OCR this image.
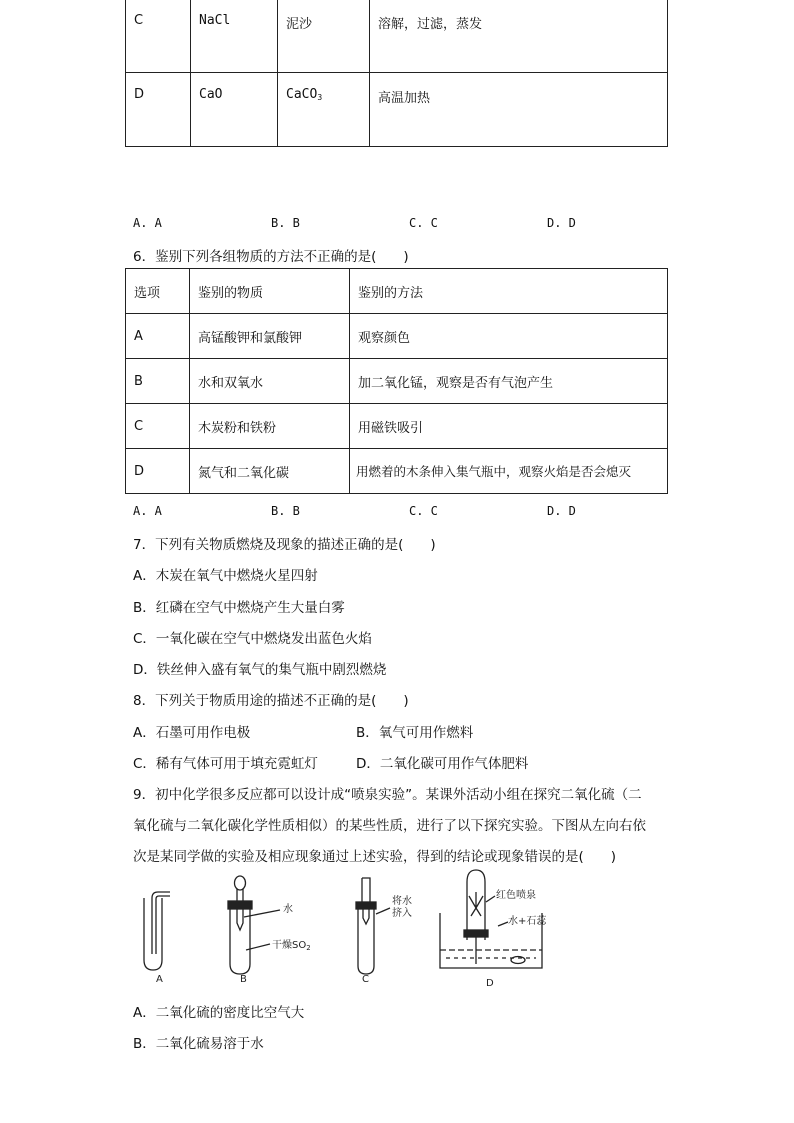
C	NaCl	泥沙	溶解，过滤，蒸发
D	CaO	CaCO$_3$	高温加热
A. A	B. B	C. C	D. D
6．鉴别下列各组物质的方法不正确的是(　　)
选项	鉴别的物质	鉴别的方法
A	高锰酸钾和氯酸钾	观察颜色
B	水和双氧水	加二氧化锰，观察是否有气泡产生
C	木炭粉和铁粉	用磁铁吸引
D	氮气和二氧化碳	用燃着的木条伸入集气瓶中，观察火焰是否会熄灭
A. A	B. B	C. C	D. D
7．下列有关物质燃烧及现象的描述正确的是(　　)
A．木炭在氧气中燃烧火星四射
B．红磷在空气中燃烧产生大量白雾
C．一氧化碳在空气中燃烧发出蓝色火焰
D．铁丝伸入盛有氧气的集气瓶中剧烈燃烧
8．下列关于物质用途的描述不正确的是(　　)
A．石墨可用作电极	B．氧气可用作燃料
C．稀有气体可用于填充霓虹灯	D．二氧化碳可用作气体肥料
9．初中化学很多反应都可以设计成“喷泉实验”。某课外活动小组在探究二氧化硫（二
氧化硫与二氧化碳化学性质相似）的某些性质，进行了以下探究实验。下图从左向右依
次是某同学做的实验及相应现象通过上述实验，得到的结论或现象错误的是(　　)
水
干燥$SO_2$
将水
挤入
红色喷泉
水+石蕊
A	B	C	D
A．二氧化硫的密度比空气大
B．二氧化硫易溶于水
